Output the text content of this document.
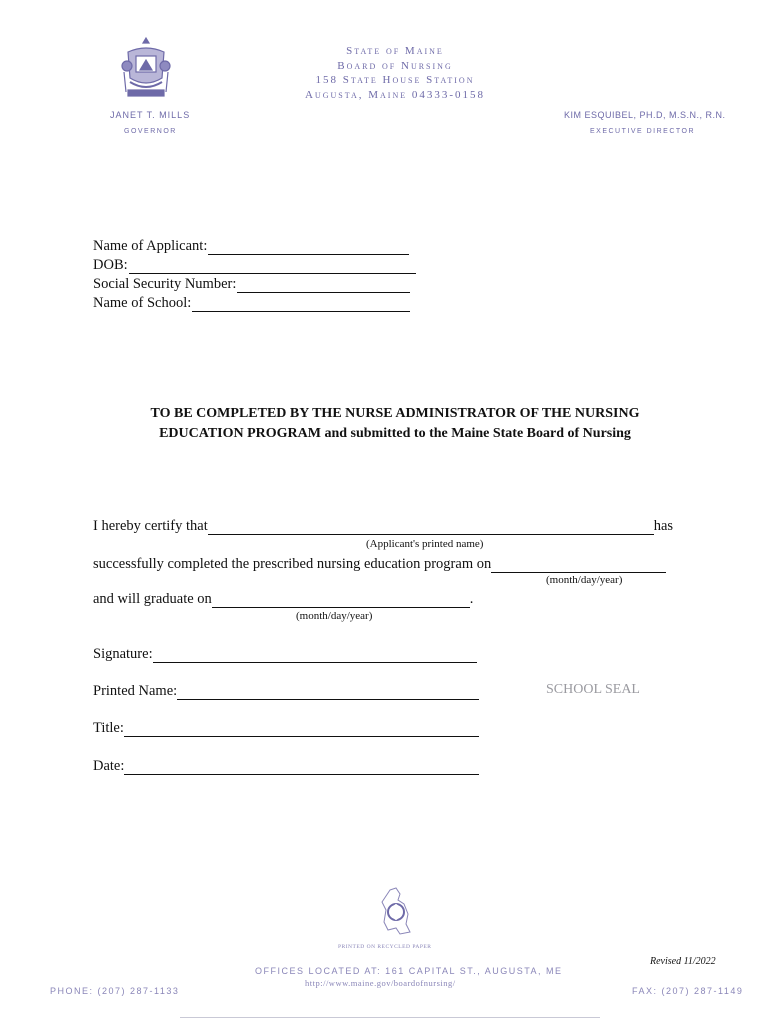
State of Maine
Board of Nursing
158 State House Station
Augusta, Maine 04333-0158
JANET T. MILLS
GOVERNOR
KIM ESQUIBEL, PH.D, M.S.N., R.N.
EXECUTIVE DIRECTOR
Name of Applicant:
DOB:
Social Security Number:
Name of School:
TO BE COMPLETED BY THE NURSE ADMINISTRATOR OF THE NURSING
EDUCATION PROGRAM and submitted to the Maine State Board of Nursing
I hereby certify that	has
(Applicant's printed name)
successfully completed the prescribed nursing education program on
(month/day/year)
and will graduate on	.
(month/day/year)
Signature:
Printed Name:
Title:
Date:
SCHOOL SEAL
PRINTED ON RECYCLED PAPER
Revised 11/2022
OFFICES LOCATED AT: 161 CAPITAL ST., AUGUSTA, ME
http://www.maine.gov/boardofnursing/
PHONE: (207) 287-1133	FAX: (207) 287-1149
